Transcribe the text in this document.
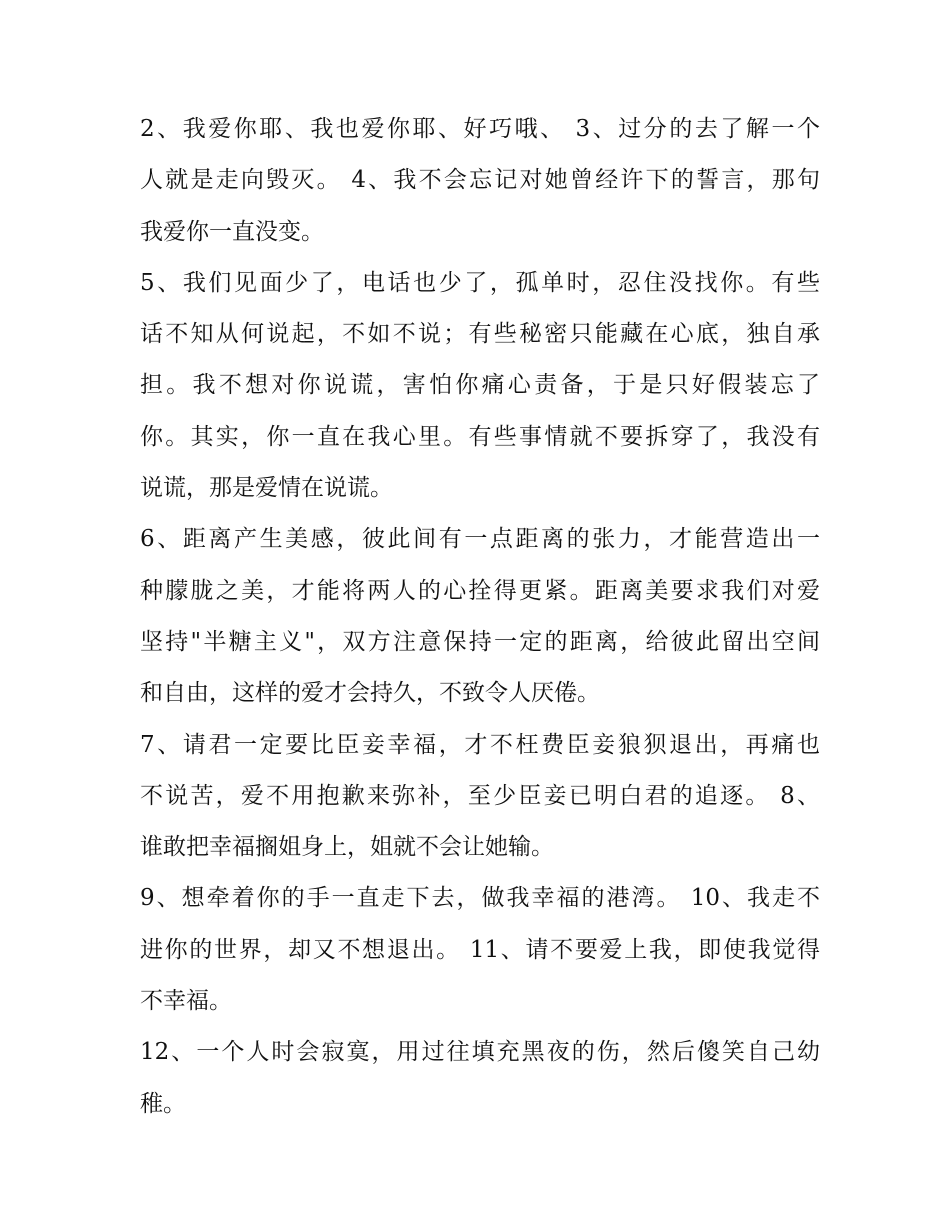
2、我爱你耶、我也爱你耶、好巧哦、 3、过分的去了解一个
人就是走向毁灭。 4、我不会忘记对她曾经许下的誓言，那句
我爱你一直没变。

5、我们见面少了，电话也少了，孤单时，忍住没找你。有些
话不知从何说起，不如不说；有些秘密只能藏在心底，独自承
担。我不想对你说谎，害怕你痛心责备，于是只好假装忘了
你。其实，你一直在我心里。有些事情就不要拆穿了，我没有
说谎，那是爱情在说谎。

6、距离产生美感，彼此间有一点距离的张力，才能营造出一
种朦胧之美，才能将两人的心拴得更紧。距离美要求我们对爱
坚持"半糖主义"，双方注意保持一定的距离，给彼此留出空间
和自由，这样的爱才会持久，不致令人厌倦。

7、请君一定要比臣妾幸福，才不枉费臣妾狼狈退出，再痛也
不说苦，爱不用抱歉来弥补，至少臣妾已明白君的追逐。 8、
谁敢把幸福搁姐身上，姐就不会让她输。

9、想牵着你的手一直走下去，做我幸福的港湾。 10、我走不
进你的世界，却又不想退出。 11、请不要爱上我，即使我觉得
不幸福。

12、一个人时会寂寞，用过往填充黑夜的伤，然后傻笑自己幼
稚。
